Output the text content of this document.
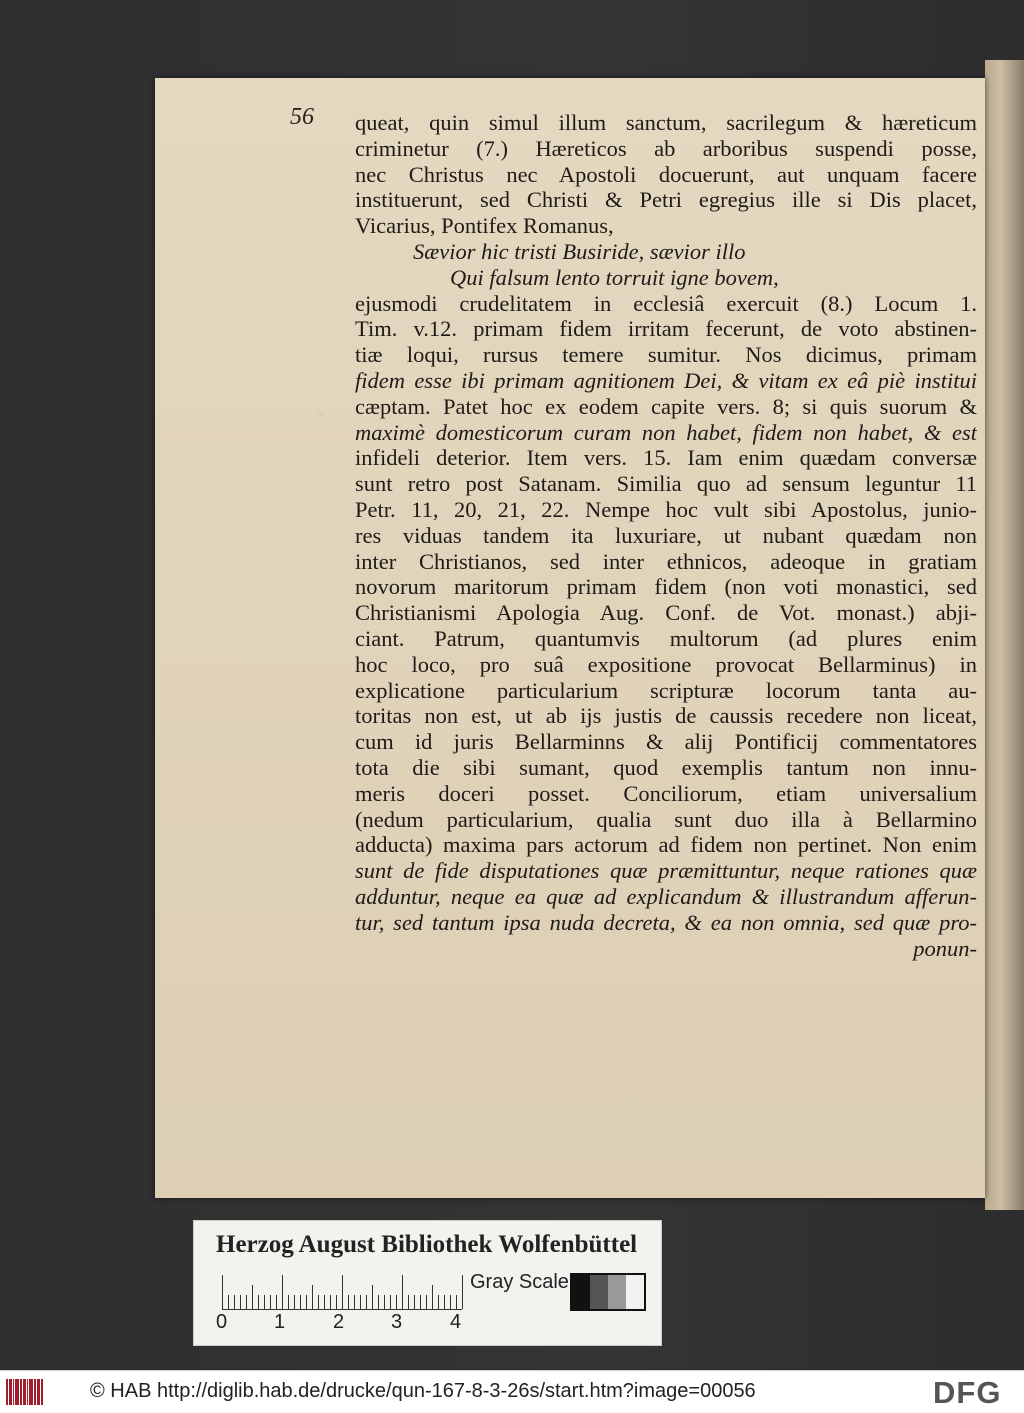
56 queat, quin simul illum sanctum, sacrilegum & hæreticum
criminetur (7.) Hæreticos ab arboribus suspendi posse,
nec Christus nec Apostoli docuerunt, aut unquam facere
instituerunt, sed Christi & Petri egregius ille si Dis placet,
Vicarius, Pontifex Romanus,
Sævior hic tristi Busiride, sævior illo
Qui falsum lento torruit igne bovem,
ejusmodi crudelitatem in ecclesiâ exercuit (8.) Locum 1.
Tim. v.12. primam fidem irritam fecerunt, de voto abstinen-
tiæ loqui, rursus temere sumitur. Nos dicimus, primam
fidem esse ibi primam agnitionem Dei, & vitam ex eâ piè institui
cæptam. Patet hoc ex eodem capite vers. 8; si quis suorum &
maximè domesticorum curam non habet, fidem non habet, & est
infideli deterior. Item vers. 15. Iam enim quædam conversæ
sunt retro post Satanam. Similia quo ad sensum leguntur 11
Petr. 11, 20, 21, 22. Nempe hoc vult sibi Apostolus, junio-
res viduas tandem ita luxuriare, ut nubant quædam non
inter Christianos, sed inter ethnicos, adeoque in gratiam
novorum maritorum primam fidem (non voti monastici, sed
Christianismi Apologia Aug. Conf. de Vot. monast.) abji-
ciant. Patrum, quantumvis multorum (ad plures enim
hoc loco, pro suâ expositione provocat Bellarminus) in
explicatione particularium scripturæ locorum tanta au-
toritas non est, ut ab ijs justis de caussis recedere non liceat,
cum id juris Bellarminns & alij Pontificij commentatores
tota die sibi sumant, quod exemplis tantum non innu-
meris doceri posset. Conciliorum, etiam universalium
(nedum particularium, qualia sunt duo illa à Bellarmino
adducta) maxima pars actorum ad fidem non pertinet. Non enim
sunt de fide disputationes quæ præmittuntur, neque rationes quæ
adduntur, neque ea quæ ad explicandum & illustrandum afferun-
tur, sed tantum ipsa nuda decreta, & ea non omnia, sed quæ pro-
ponun-
Herzog August Bibliothek Wolfenbüttel
0 1 2 3 4
Gray Scale
© HAB http://diglib.hab.de/drucke/qun-167-8-3-26s/start.htm?image=00056	DFG
